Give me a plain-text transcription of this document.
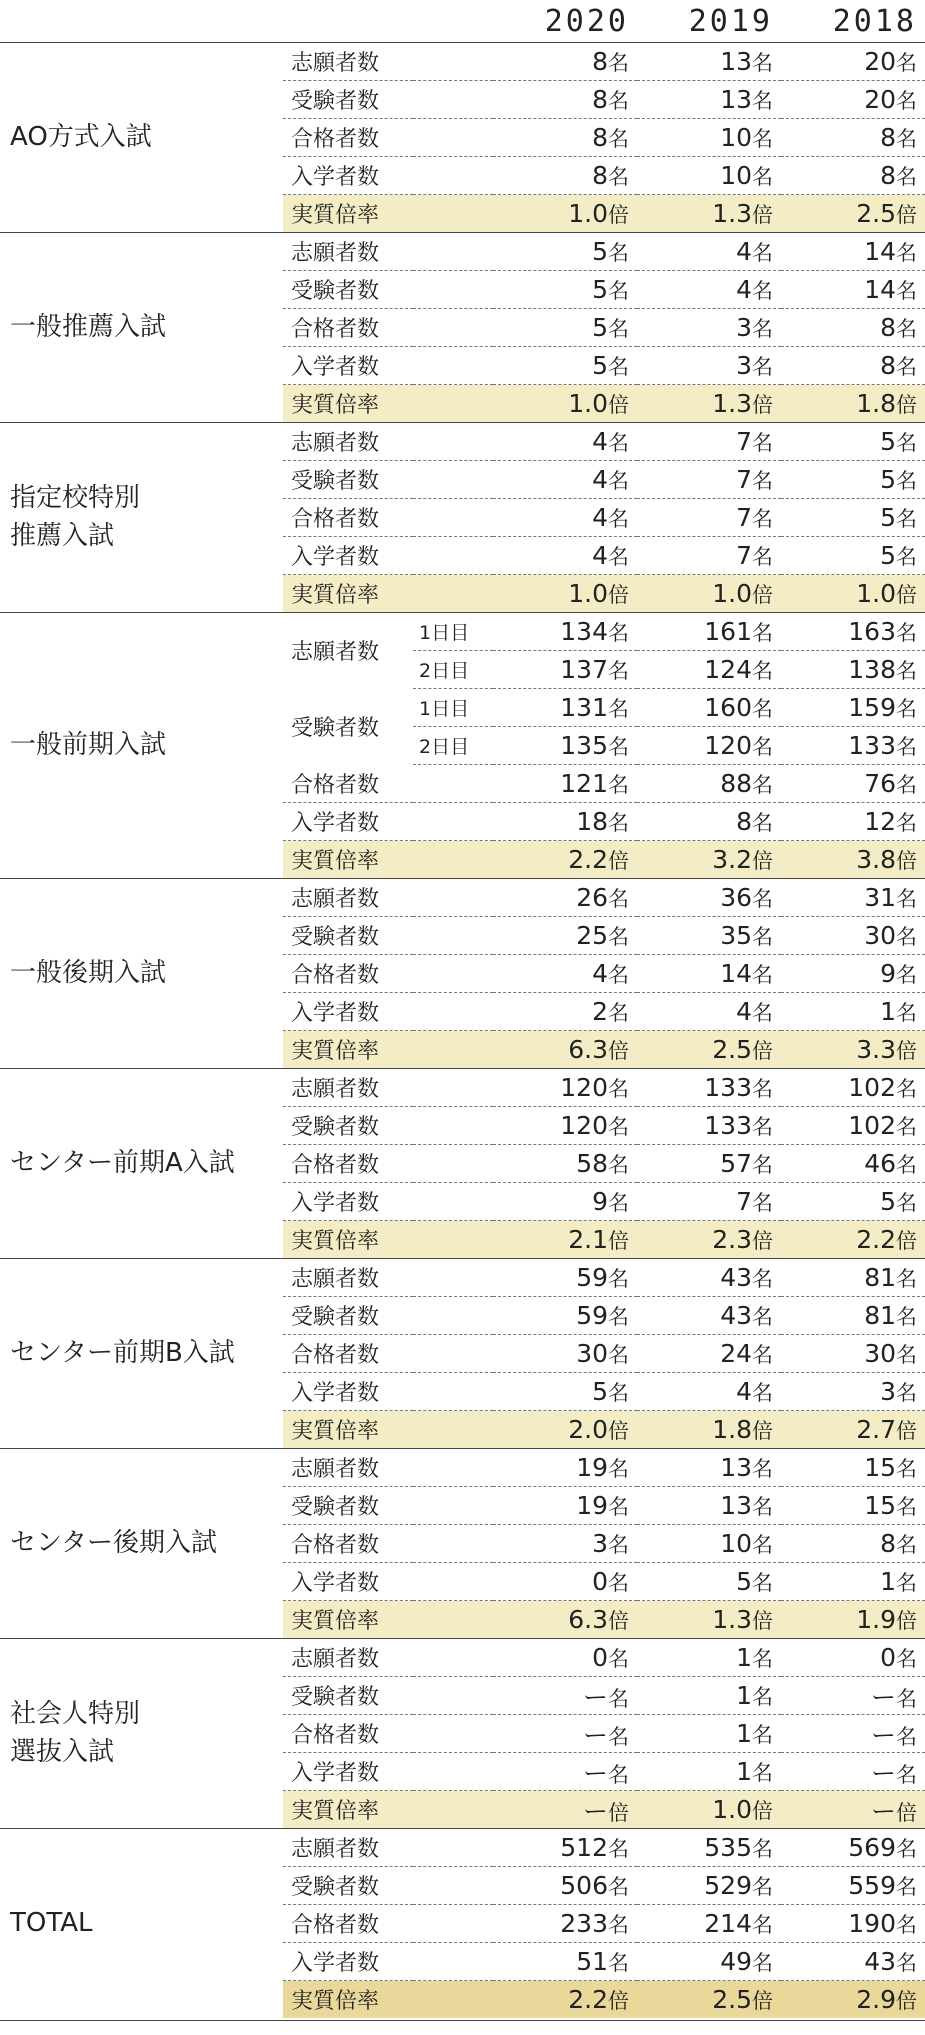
			2020	2019	2018

AO方式入試	志願者数		8名	13名	20名
	受験者数		8名	13名	20名
	合格者数		8名	10名	8名
	入学者数		8名	10名	8名
	実質倍率		1.0倍	1.3倍	2.5倍

一般推薦入試	志願者数		5名	4名	14名
	受験者数		5名	4名	14名
	合格者数		5名	3名	8名
	入学者数		5名	3名	8名
	実質倍率		1.0倍	1.3倍	1.8倍

指定校特別
推薦入試	志願者数		4名	7名	5名
	受験者数		4名	7名	5名
	合格者数		4名	7名	5名
	入学者数		4名	7名	5名
	実質倍率		1.0倍	1.0倍	1.0倍

一般前期入試	志願者数	1日目	134名	161名	163名
		2日目	137名	124名	138名
	受験者数	1日目	131名	160名	159名
		2日目	135名	120名	133名
	合格者数		121名	88名	76名
	入学者数		18名	8名	12名
	実質倍率		2.2倍	3.2倍	3.8倍

一般後期入試	志願者数		26名	36名	31名
	受験者数		25名	35名	30名
	合格者数		4名	14名	9名
	入学者数		2名	4名	1名
	実質倍率		6.3倍	2.5倍	3.3倍

センター前期A入試	志願者数		120名	133名	102名
	受験者数		120名	133名	102名
	合格者数		58名	57名	46名
	入学者数		9名	7名	5名
	実質倍率		2.1倍	2.3倍	2.2倍

センター前期B入試	志願者数		59名	43名	81名
	受験者数		59名	43名	81名
	合格者数		30名	24名	30名
	入学者数		5名	4名	3名
	実質倍率		2.0倍	1.8倍	2.7倍

センター後期入試	志願者数		19名	13名	15名
	受験者数		19名	13名	15名
	合格者数		3名	10名	8名
	入学者数		0名	5名	1名
	実質倍率		6.3倍	1.3倍	1.9倍

社会人特別
選抜入試	志願者数		0名	1名	0名
	受験者数		ー名	1名	ー名
	合格者数		ー名	1名	ー名
	入学者数		ー名	1名	ー名
	実質倍率		ー倍	1.0倍	ー倍

TOTAL	志願者数		512名	535名	569名
	受験者数		506名	529名	559名
	合格者数		233名	214名	190名
	入学者数		51名	49名	43名
	実質倍率		2.2倍	2.5倍	2.9倍
